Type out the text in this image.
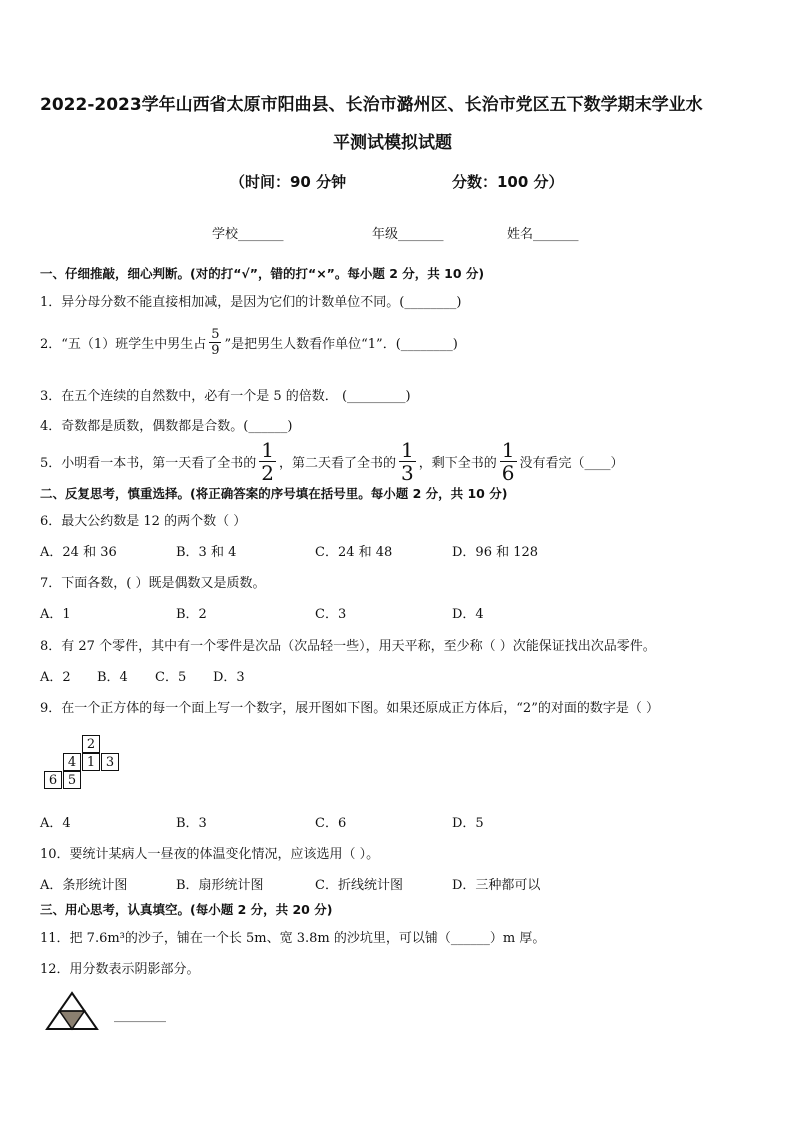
2022-2023学年山西省太原市阳曲县、长治市潞州区、长治市党区五下数学期末学业水
平测试模拟试题
（时间：90 分钟	分数：100 分）
学校_______	年级_______	姓名_______
一、仔细推敲，细心判断。(对的打“√”，错的打“×”。每小题 2 分，共 10 分)
1．异分母分数不能直接相加减，是因为它们的计数单位不同。(________)
2．“五（1）班学生中男生占 $\frac{5}{9}$ ”是把男生人数看作单位“1”．(________)
3．在五个连续的自然数中，必有一个是 5 的倍数． (_________)
4．奇数都是质数，偶数都是合数。(______)
5．小明看一本书，第一天看了全书的 $\frac{1}{2}$ ，第二天看了全书的 $\frac{1}{3}$ ，剩下全书的 $\frac{1}{6}$ 没有看完（____）
二、反复思考，慎重选择。(将正确答案的序号填在括号里。每小题 2 分，共 10 分)
6．最大公约数是 12 的两个数（ ）
A．24 和 36	B．3 和 4	C．24 和 48	D．96 和 128
7．下面各数，( ）既是偶数又是质数。
A．1	B．2	C．3	D．4
8．有 27 个零件，其中有一个零件是次品（次品轻一些），用天平称，至少称（ ）次能保证找出次品零件。
A．2 B．4 C．5 D．3
9．在一个正方体的每一个面上写一个数字，展开图如下图。如果还原成正方体后，“2”的对面的数字是（ ）
2
4 1 3
6 5
A．4	B．3	C．6	D．5
10．要统计某病人一昼夜的体温变化情况，应该选用（ ）。
A．条形统计图	B．扇形统计图	C．折线统计图	D．三种都可以
三、用心思考，认真填空。(每小题 2 分，共 20 分)
11．把 7.6m³的沙子，铺在一个长 5m、宽 3.8m 的沙坑里，可以铺（______）m 厚。
12．用分数表示阴影部分。
________
